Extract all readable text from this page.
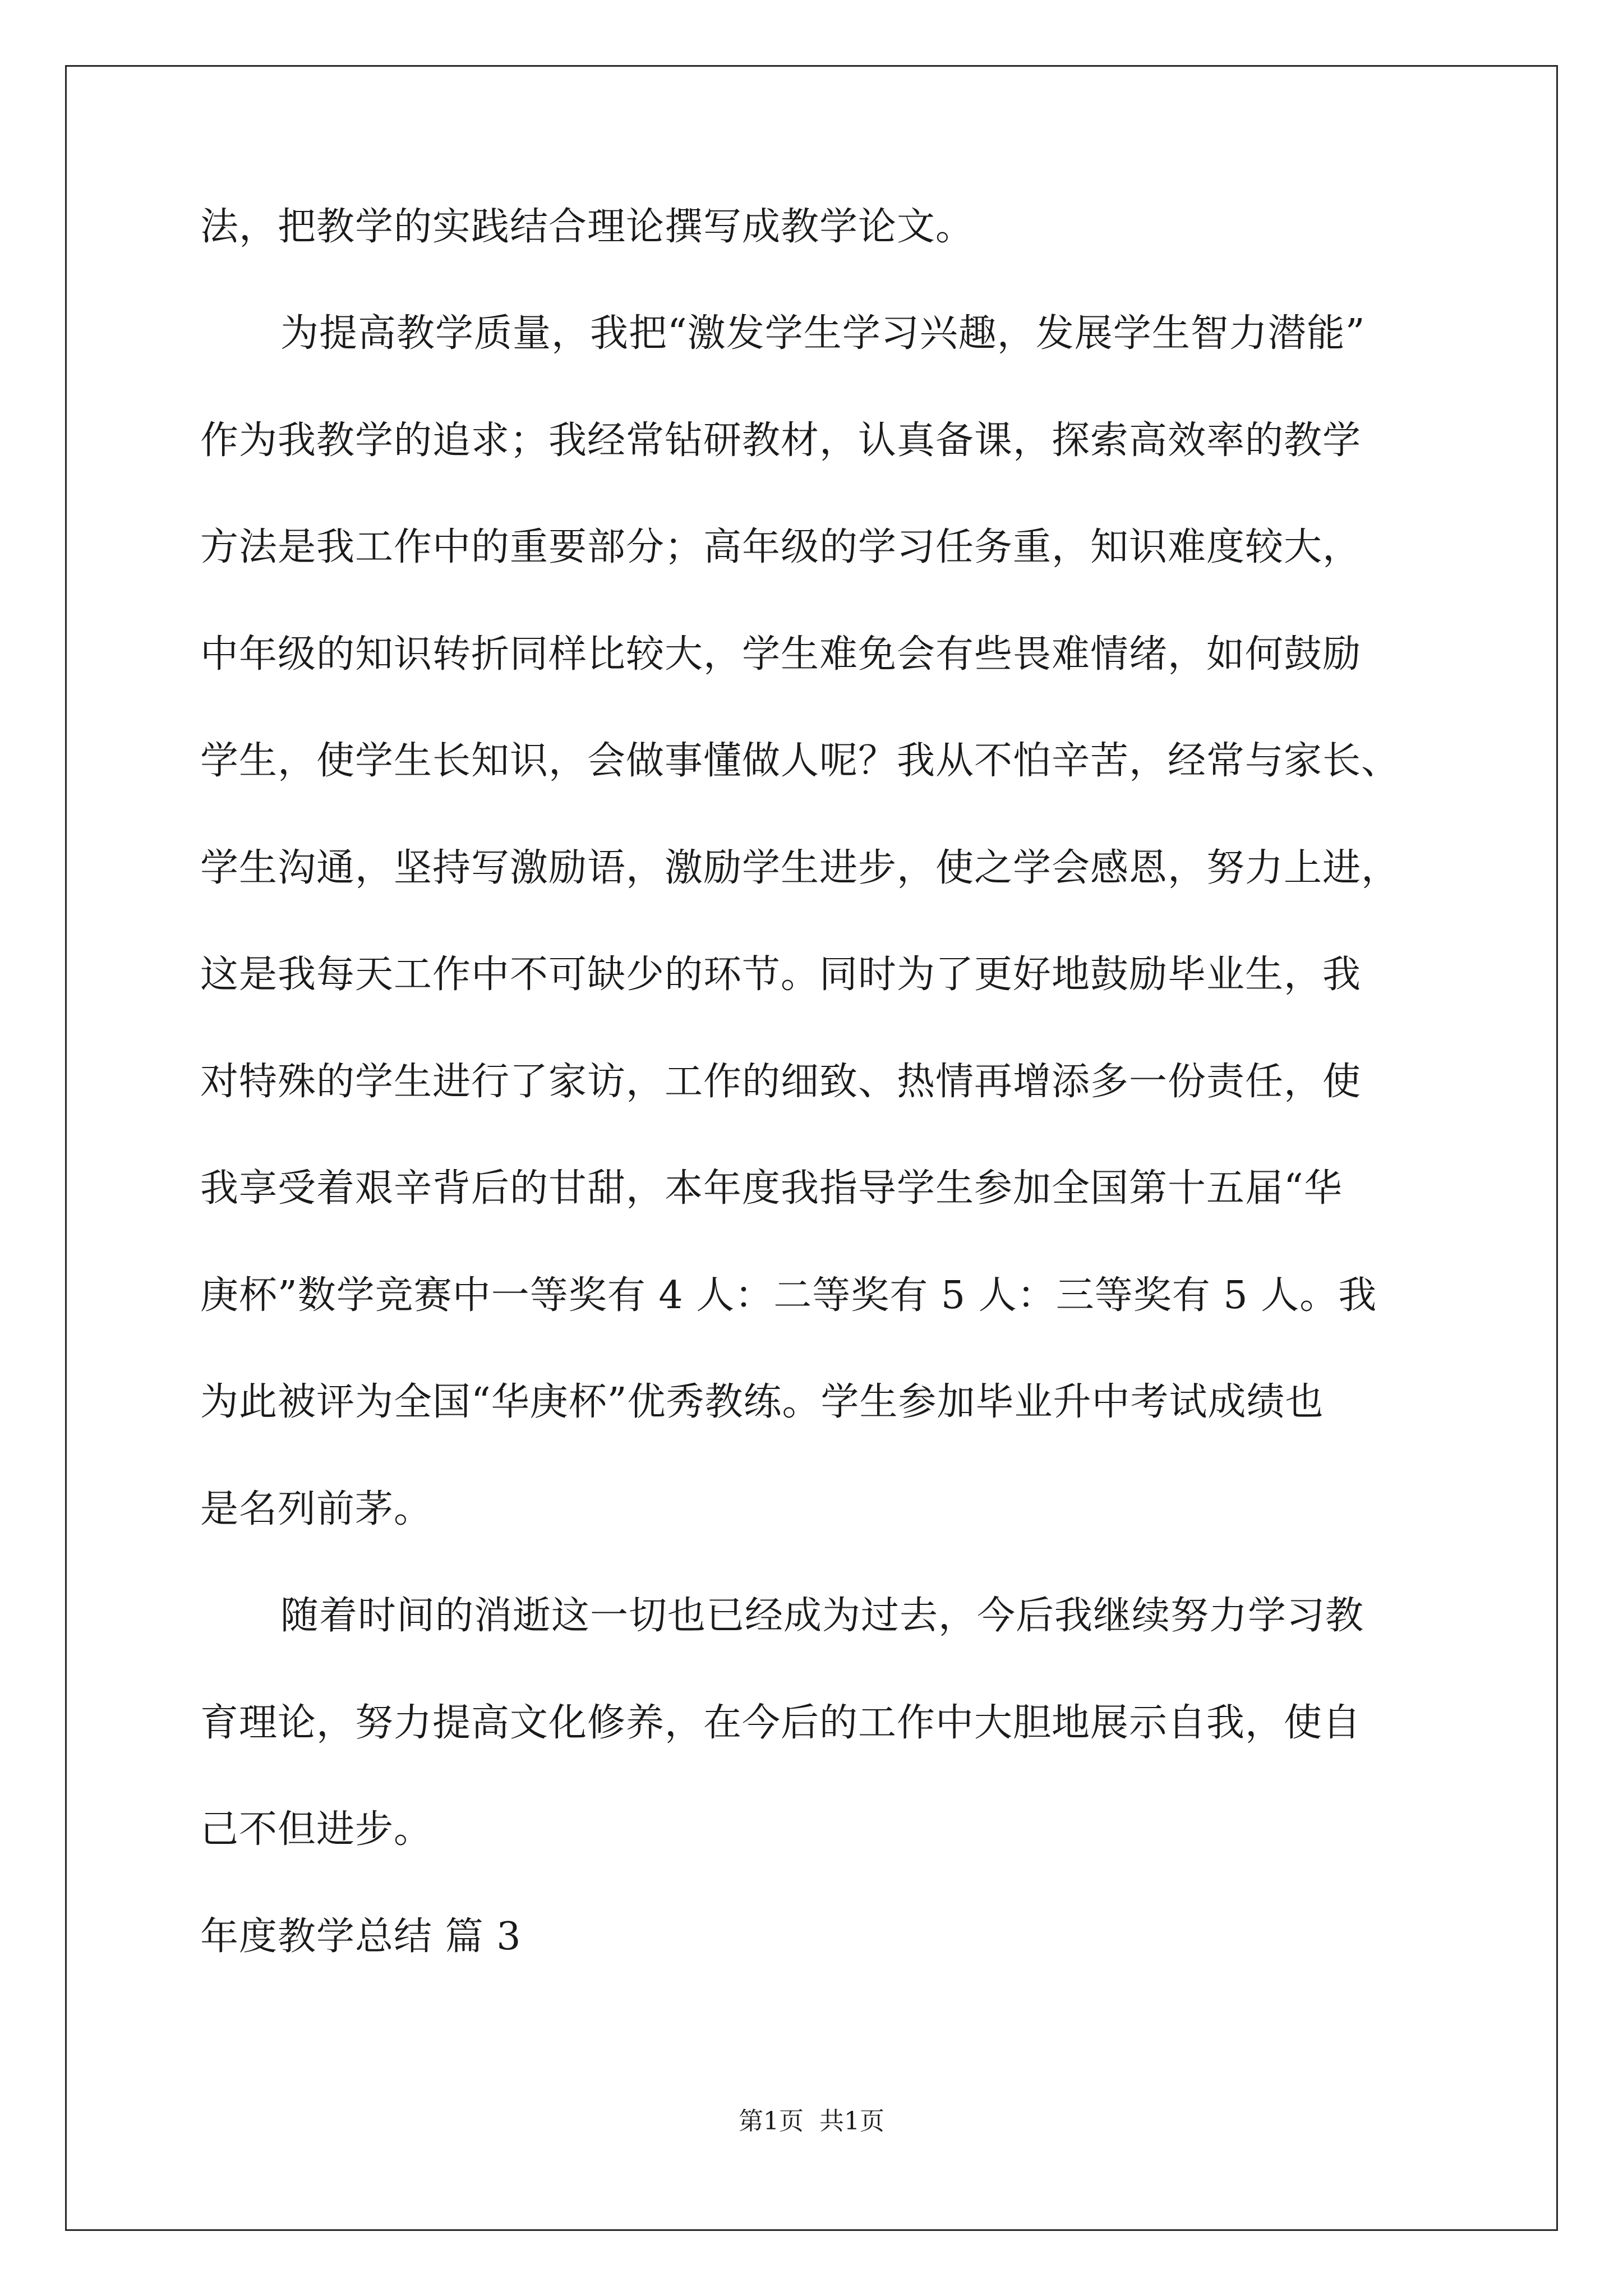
法，把教学的实践结合理论撰写成教学论文。
为提高教学质量，我把“激发学生学习兴趣，发展学生智力潜能”
作为我教学的追求；我经常钻研教材，认真备课，探索高效率的教学
方法是我工作中的重要部分；高年级的学习任务重，知识难度较大，
中年级的知识转折同样比较大，学生难免会有些畏难情绪，如何鼓励
学生，使学生长知识，会做事懂做人呢？我从不怕辛苦，经常与家长、
学生沟通，坚持写激励语，激励学生进步，使之学会感恩，努力上进，
这是我每天工作中不可缺少的环节。同时为了更好地鼓励毕业生，我
对特殊的学生进行了家访，工作的细致、热情再增添多一份责任，使
我享受着艰辛背后的甘甜，本年度我指导学生参加全国第十五届“华
庚杯”数学竞赛中一等奖有 4 人：二等奖有 5 人：三等奖有 5 人。我
为此被评为全国“华庚杯”优秀教练。学生参加毕业升中考试成绩也
是名列前茅。
随着时间的消逝这一切也已经成为过去，今后我继续努力学习教
育理论，努力提高文化修养，在今后的工作中大胆地展示自我，使自
己不但进步。
年度教学总结 篇 3
第1页 共1页
